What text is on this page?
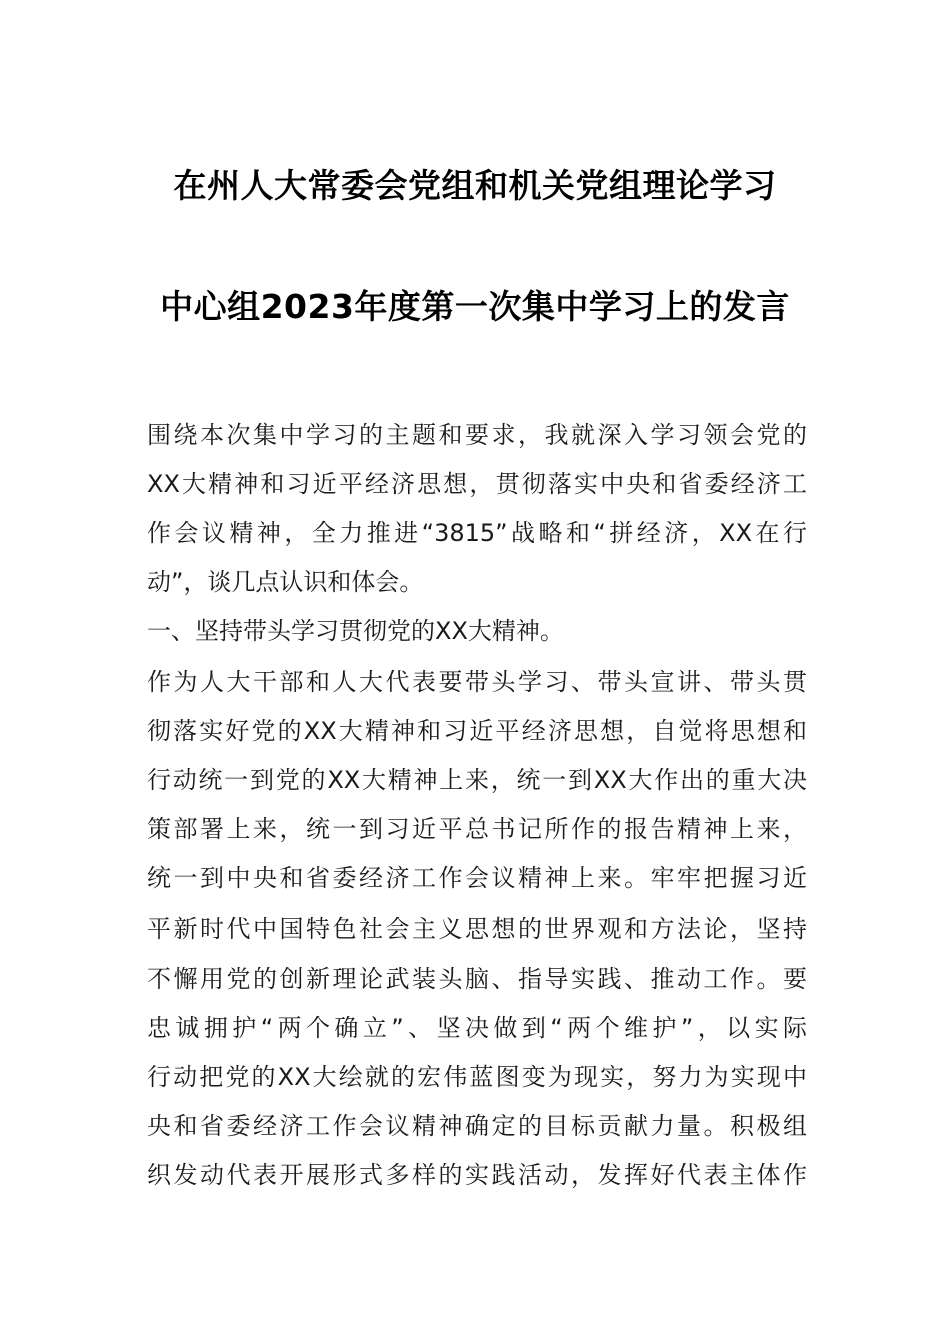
在州人大常委会党组和机关党组理论学习
中心组2023年度第一次集中学习上的发言
围绕本次集中学习的主题和要求，我就深入学习领会党的
XX大精神和习近平经济思想，贯彻落实中央和省委经济工
作会议精神，全力推进“3815”战略和“拼经济，XX在行
动”，谈几点认识和体会。
一、坚持带头学习贯彻党的XX大精神。
作为人大干部和人大代表要带头学习、带头宣讲、带头贯
彻落实好党的XX大精神和习近平经济思想，自觉将思想和
行动统一到党的XX大精神上来，统一到XX大作出的重大决
策部署上来，统一到习近平总书记所作的报告精神上来，
统一到中央和省委经济工作会议精神上来。牢牢把握习近
平新时代中国特色社会主义思想的世界观和方法论，坚持
不懈用党的创新理论武装头脑、指导实践、推动工作。要
忠诚拥护“两个确立”、坚决做到“两个维护”，以实际
行动把党的XX大绘就的宏伟蓝图变为现实，努力为实现中
央和省委经济工作会议精神确定的目标贡献力量。积极组
织发动代表开展形式多样的实践活动，发挥好代表主体作
